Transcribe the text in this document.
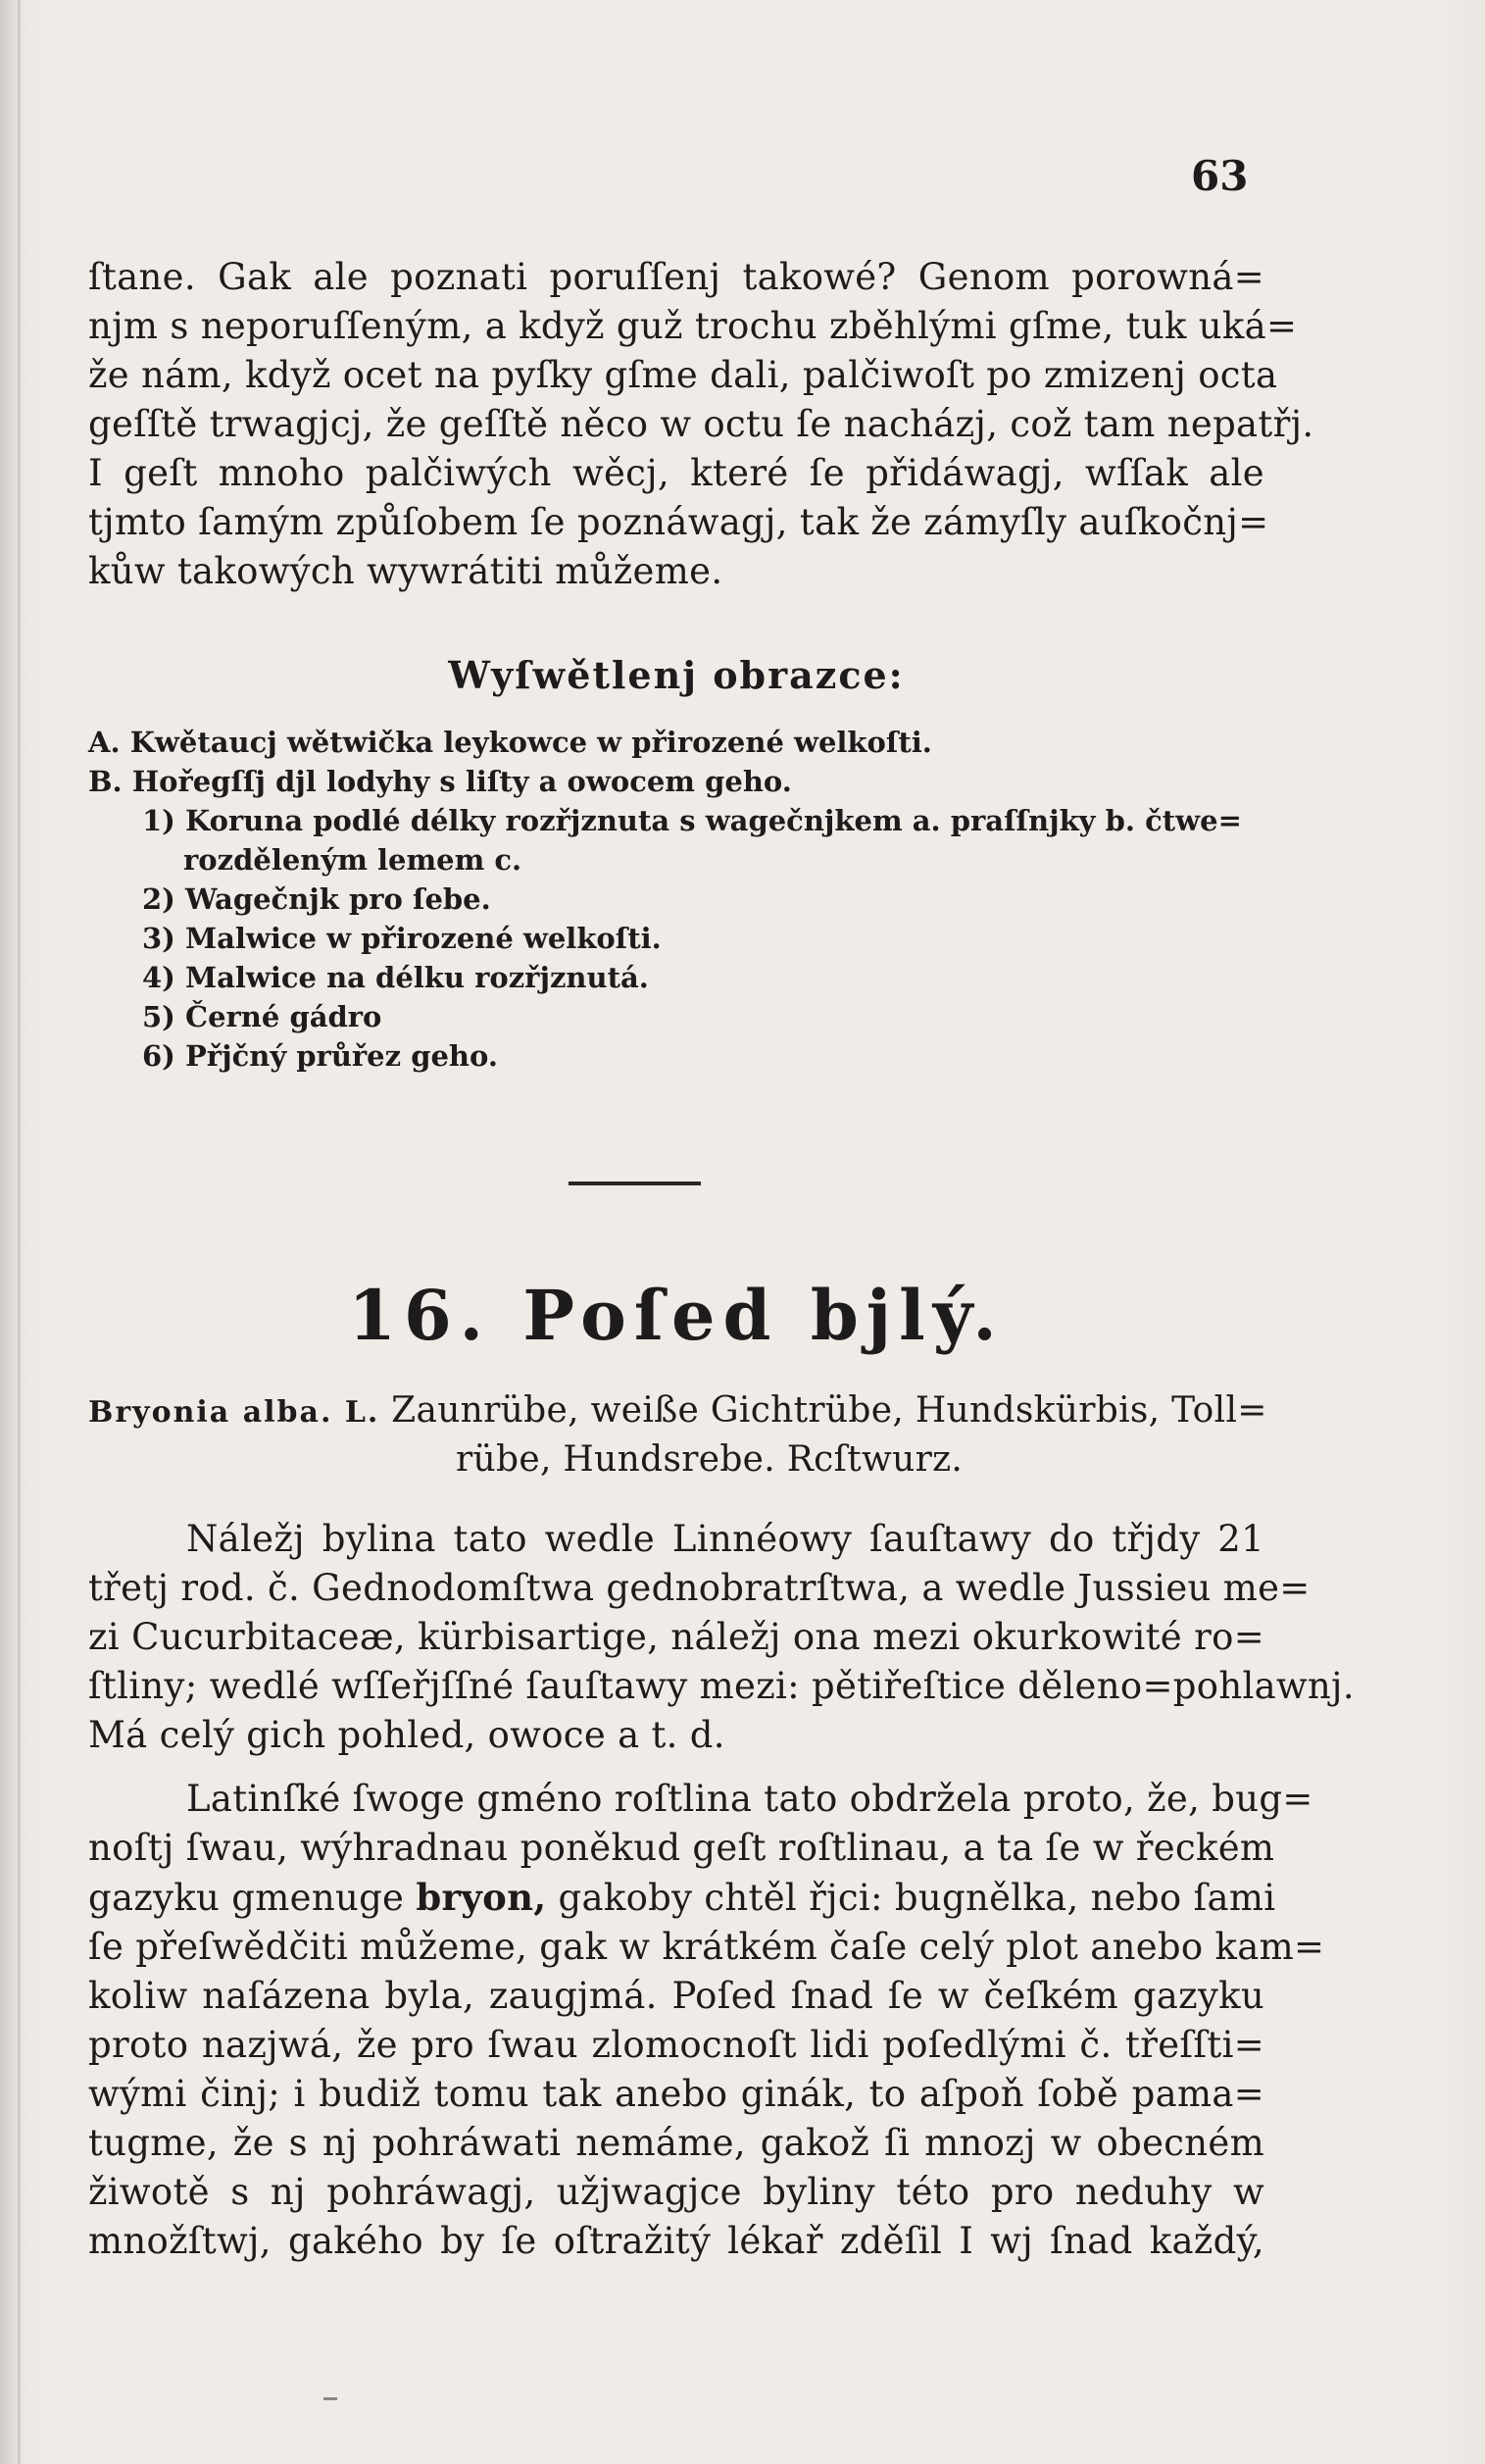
63
ſtane. Gak ale poznati poruſſenj takowé? Genom porowná=
njm s neporuſſeným, a když guž trochu zběhlými gſme, tuk uká=
že nám, když ocet na pyſky gſme dali, palčiwoſt po zmizenj octa
geſſtě trwagjcj, že geſſtě něco w octu ſe nacházj, což tam nepatřj.
I geſt mnoho palčiwých wěcj, které ſe přidáwagj, wſſak ale
tjmto ſamým způſobem ſe poznáwagj, tak že zámyſly auſkočnj=
kůw takowých wywrátiti můžeme.
Wyſwětlenj obrazce:
A. Kwětaucj wětwička leykowce w přirozené welkoſti.
B. Hořegſſj djl lodyhy s liſty a owocem geho.
1) Koruna podlé délky rozřjznuta s wagečnjkem a. praſſnjky b. čtwe=
rozděleným lemem c.
2) Wagečnjk pro ſebe.
3) Malwice w přirozené welkoſti.
4) Malwice na délku rozřjznutá.
5) Černé gádro
6) Přjčný průřez geho.
16. Poſed bjlý.
Bryonia alba. L. Zaunrübe, weiße Gichtrübe, Hundskürbis, Toll=
rübe, Hundsrebe. Rcſtwurz.
Náležj bylina tato wedle Linnéowy ſauſtawy do třjdy 21
třetj rod. č. Gednodomſtwa gednobratrſtwa, a wedle Jussieu me=
zi Cucurbitaceæ, kürbisartige, náležj ona mezi okurkowité ro=
ſtliny; wedlé wſſeřjſſné ſauſtawy mezi: pětiřeſtice děleno=pohlawnj.
Má celý gich pohled, owoce a t. d.
Latinſké ſwoge gméno roſtlina tato obdržela proto, že, bug=
noſtj ſwau, wýhradnau poněkud geſt roſtlinau, a ta ſe w řeckém
gazyku gmenuge bryon, gakoby chtěl řjci: bugnělka, nebo ſami
ſe přeſwědčiti můžeme, gak w krátkém čaſe celý plot anebo kam=
koliw naſázena byla, zaugjmá. Poſed ſnad ſe w čeſkém gazyku
proto nazjwá, že pro ſwau zlomocnoſt lidi poſedlými č. třeſſti=
wými činj; i budiž tomu tak anebo ginák, to aſpoň ſobě pama=
tugme, že s nj pohráwati nemáme, gakož ſi mnozj w obecném
žiwotě s nj pohráwagj, užjwagjce byliny této pro neduhy w
množſtwj, gakého by ſe oſtražitý lékař zděſil I wj ſnad každý,
